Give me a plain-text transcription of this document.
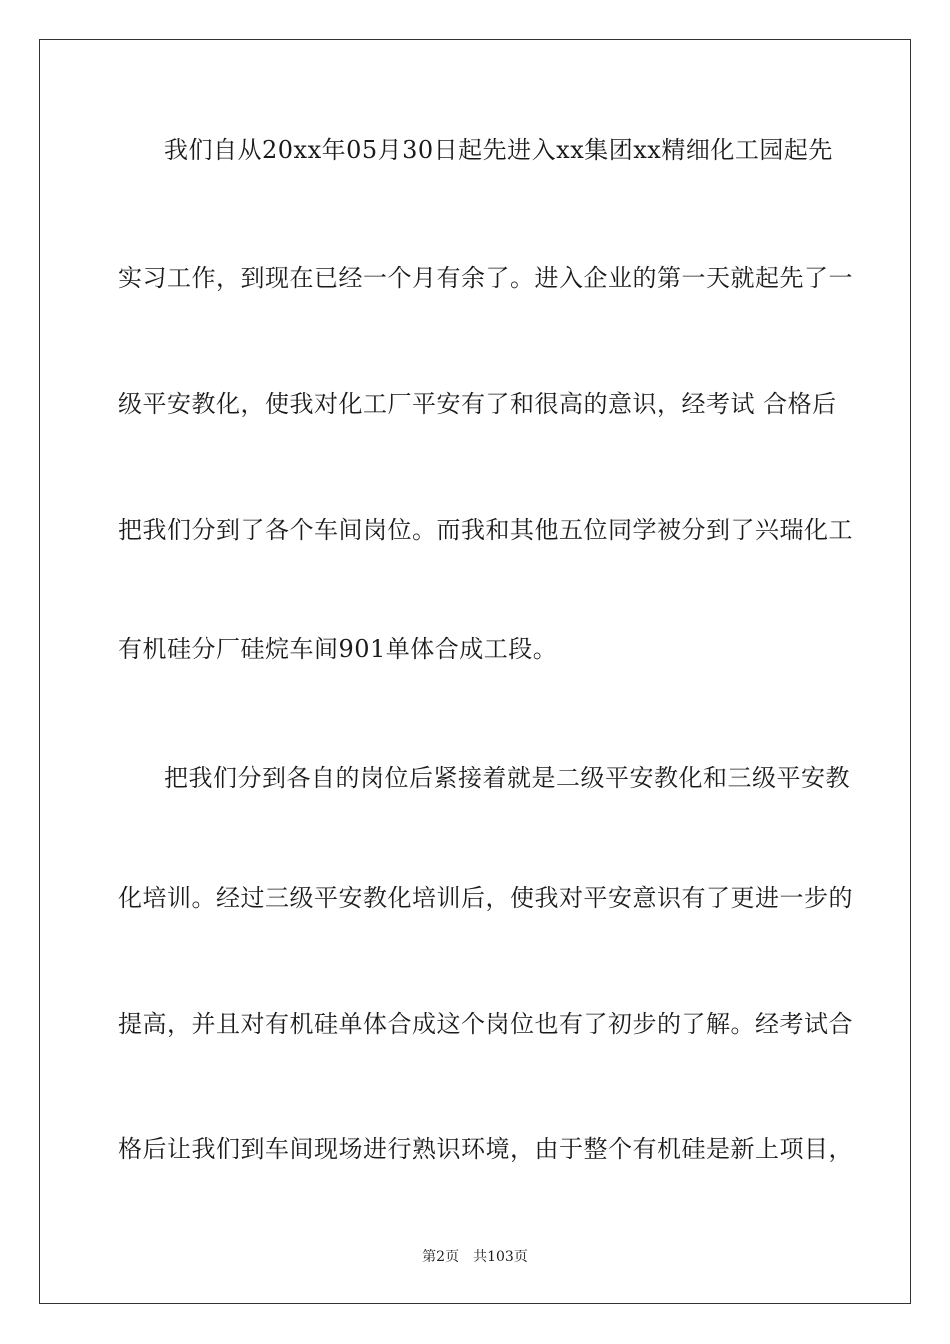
我们自从20xx年05月30日起先进入xx集团xx精细化工园起先
实习工作，到现在已经一个月有余了。进入企业的第一天就起先了一
级平安教化，使我对化工厂平安有了和很高的意识，经考试 合格后
把我们分到了各个车间岗位。而我和其他五位同学被分到了兴瑞化工
有机硅分厂硅烷车间901单体合成工段。
把我们分到各自的岗位后紧接着就是二级平安教化和三级平安教
化培训。经过三级平安教化培训后，使我对平安意识有了更进一步的
提高，并且对有机硅单体合成这个岗位也有了初步的了解。经考试合
格后让我们到车间现场进行熟识环境，由于整个有机硅是新上项目，
第2页 共103页
